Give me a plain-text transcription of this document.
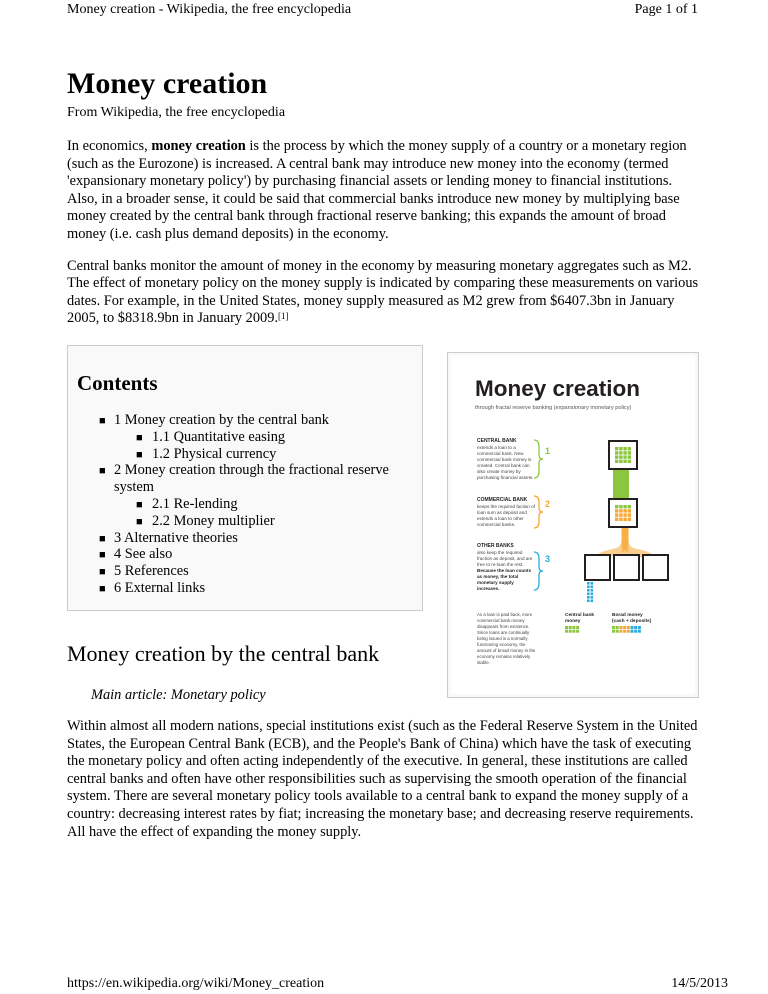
Money creation - Wikipedia, the free encyclopedia	Page 1 of 1
Money creation
From Wikipedia, the free encyclopedia

In economics, money creation is the process by which the money supply of a country or a monetary region (such as the Eurozone) is increased. A central bank may introduce new money into the economy (termed 'expansionary monetary policy') by purchasing financial assets or lending money to financial institutions. Also, in a broader sense, it could be said that commercial banks introduce new money by multiplying base money created by the central bank through fractional reserve banking; this expands the amount of broad money (i.e. cash plus demand deposits) in the economy.

Central banks monitor the amount of money in the economy by measuring monetary aggregates such as M2. The effect of monetary policy on the money supply is indicated by comparing these measurements on various dates. For example, in the United States, money supply measured as M2 grew from $6407.3bn in January 2005, to $8318.9bn in January 2009.[1]

Contents
■ 1 Money creation by the central bank
■ 1.1 Quantitative easing
■ 1.2 Physical currency
■ 2 Money creation through the fractional reserve system
■ 2.1 Re-lending
■ 2.2 Money multiplier
■ 3 Alternative theories
■ 4 See also
■ 5 References
■ 6 External links
Money creation
through fractal reserve banking (expansionary monetary policy)
CENTRAL BANK
extends a loan to a
commercial bank. New
commercial bank money is
created. Central bank can
also create money by
purchasing financial assets.
COMMERCIAL BANK
keeps the required faction of
loan sum as deposit and
extends a loan to other
commercial banks.
OTHER BANKS
also keep the required
fraction as deposit, and are
free to re-loan the rest.
Because the loan counts
as money, the total
monetary supply
increases.
As a loan is paid back, more
commercial bank money
disappears from existence.
Since loans are continually
being issued is a normally
functioning economy, the
amount of broad money in the
economy remains relatively
stable.
1
2
3
Central bank
money
Borad money
(cash + deposits)
Money creation by the central bank
Main article: Monetary policy

Within almost all modern nations, special institutions exist (such as the Federal Reserve System in the United States, the European Central Bank (ECB), and the People's Bank of China) which have the task of executing the monetary policy and often acting independently of the executive. In general, these institutions are called central banks and often have other responsibilities such as supervising the smooth operation of the financial system. There are several monetary policy tools available to a central bank to expand the money supply of a country: decreasing interest rates by fiat; increasing the monetary base; and decreasing reserve requirements. All have the effect of expanding the money supply.

https://en.wikipedia.org/wiki/Money_creation	14/5/2013
